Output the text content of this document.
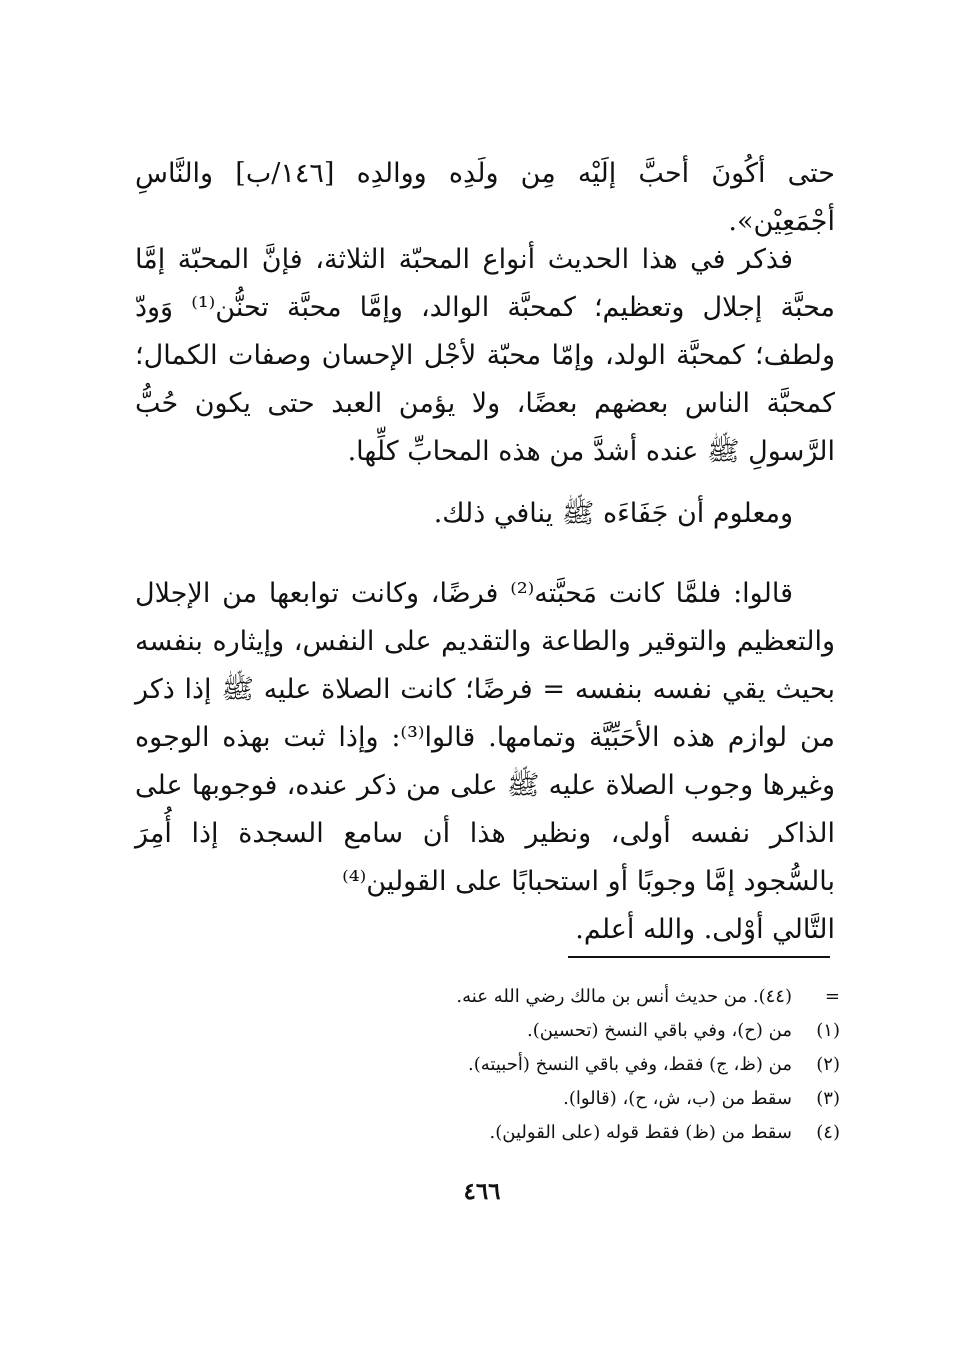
حتى أكُونَ أحبَّ إلَيْه مِن ولَدِه ووالدِه [١٤٦/ب] والنَّاسِ أجْمَعِيْن».

فذكر في هذا الحديث أنواع المحبّة الثلاثة، فإنَّ المحبّة إمَّا محبَّة إجلال وتعظيم؛ كمحبَّة الوالد، وإمَّا محبَّة تحنُّن⁽¹⁾ وَودّ ولطف؛ كمحبَّة الولد، وإمّا محبّة لأجْل الإحسان وصفات الكمال؛ كمحبَّة الناس بعضهم بعضًا، ولا يؤمن العبد حتى يكون حُبُّ الرَّسولِ ﷺ عنده أشدَّ من هذه المحابِّ كلِّها.

ومعلوم أن جَفَاءَه ﷺ ينافي ذلك.

قالوا: فلمَّا كانت مَحبَّته⁽²⁾ فرضًا، وكانت توابعها من الإجلال والتعظيم والتوقير والطاعة والتقديم على النفس، وإيثاره بنفسه بحيث يقي نفسه بنفسه = فرضًا؛ كانت الصلاة عليه ﷺ إذا ذكر من لوازم هذه الأحَبِّيَّة وتمامها. قالوا⁽³⁾: وإذا ثبت بهذه الوجوه وغيرها وجوب الصلاة عليه ﷺ على من ذكر عنده، فوجوبها على الذاكر نفسه أولى، ونظير هذا أن سامع السجدة إذا أُمِرَ بالسُّجود إمَّا وجوبًا أو استحبابًا على القولين⁽⁴⁾
التَّالي أوْلى. والله أعلم.
=(٤٤). من حديث أنس بن مالك رضي الله عنه.
(١)من (ح)، وفي باقي النسخ (تحسين).
(٢)من (ظ، ج) فقط، وفي باقي النسخ (أحبيته).
(٣)سقط من (ب، ش، ح)، (قالوا).
(٤)سقط من (ظ) فقط قوله (على القولين).
٤٦٦
